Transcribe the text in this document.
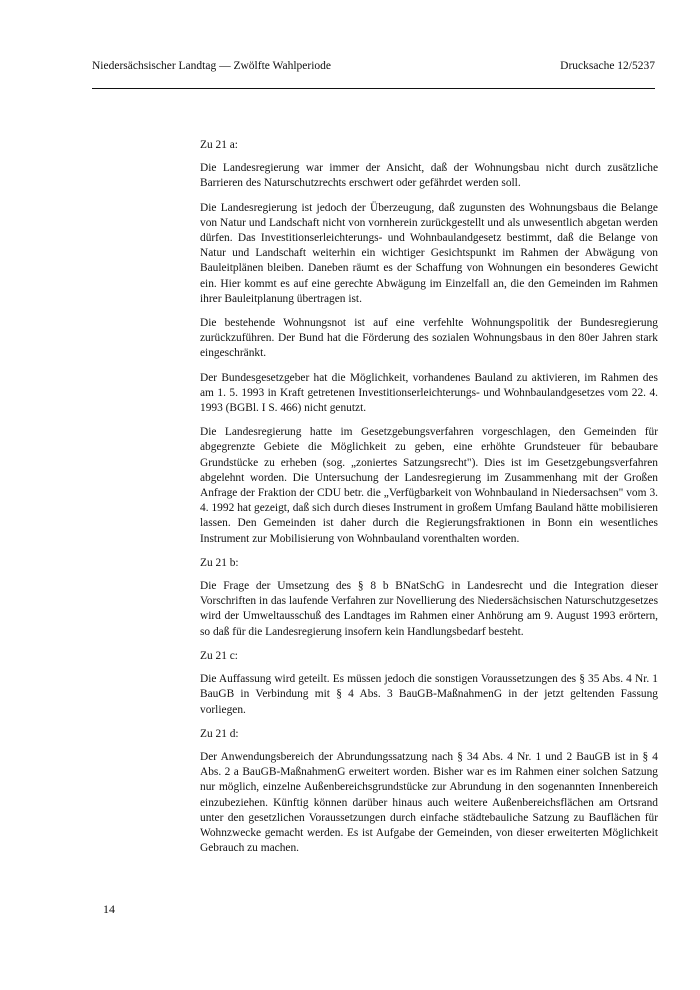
Niedersächsischer Landtag — Zwölfte Wahlperiode	Drucksache 12/5237

Zu 21 a:

Die Landesregierung war immer der Ansicht, daß der Wohnungsbau nicht durch zusätzliche Barrieren des Naturschutzrechts erschwert oder gefährdet werden soll.

Die Landesregierung ist jedoch der Überzeugung, daß zugunsten des Wohnungsbaus die Belange von Natur und Landschaft nicht von vornherein zurückgestellt und als unwesentlich abgetan werden dürfen. Das Investitionserleichterungs- und Wohnbaulandgesetz bestimmt, daß die Belange von Natur und Landschaft weiterhin ein wichtiger Gesichtspunkt im Rahmen der Abwägung von Bauleitplänen bleiben. Daneben räumt es der Schaffung von Wohnungen ein besonderes Gewicht ein. Hier kommt es auf eine gerechte Abwägung im Einzelfall an, die den Gemeinden im Rahmen ihrer Bauleitplanung übertragen ist.

Die bestehende Wohnungsnot ist auf eine verfehlte Wohnungspolitik der Bundesregierung zurückzuführen. Der Bund hat die Förderung des sozialen Wohnungsbaus in den 80er Jahren stark eingeschränkt.

Der Bundesgesetzgeber hat die Möglichkeit, vorhandenes Bauland zu aktivieren, im Rahmen des am 1. 5. 1993 in Kraft getretenen Investitionserleichterungs- und Wohnbaulandgesetzes vom 22. 4. 1993 (BGBl. I S. 466) nicht genutzt.

Die Landesregierung hatte im Gesetzgebungsverfahren vorgeschlagen, den Gemeinden für abgegrenzte Gebiete die Möglichkeit zu geben, eine erhöhte Grundsteuer für bebaubare Grundstücke zu erheben (sog. „zoniertes Satzungsrecht"). Dies ist im Gesetzgebungsverfahren abgelehnt worden. Die Untersuchung der Landesregierung im Zusammenhang mit der Großen Anfrage der Fraktion der CDU betr. die „Verfügbarkeit von Wohnbauland in Niedersachsen" vom 3. 4. 1992 hat gezeigt, daß sich durch dieses Instrument in großem Umfang Bauland hätte mobilisieren lassen. Den Gemeinden ist daher durch die Regierungsfraktionen in Bonn ein wesentliches Instrument zur Mobilisierung von Wohnbauland vorenthalten worden.

Zu 21 b:

Die Frage der Umsetzung des § 8 b BNatSchG in Landesrecht und die Integration dieser Vorschriften in das laufende Verfahren zur Novellierung des Niedersächsischen Naturschutzgesetzes wird der Umweltausschuß des Landtages im Rahmen einer Anhörung am 9. August 1993 erörtern, so daß für die Landesregierung insofern kein Handlungsbedarf besteht.

Zu 21 c:

Die Auffassung wird geteilt. Es müssen jedoch die sonstigen Voraussetzungen des § 35 Abs. 4 Nr. 1 BauGB in Verbindung mit § 4 Abs. 3 BauGB-MaßnahmenG in der jetzt geltenden Fassung vorliegen.

Zu 21 d:

Der Anwendungsbereich der Abrundungssatzung nach § 34 Abs. 4 Nr. 1 und 2 BauGB ist in § 4 Abs. 2 a BauGB-MaßnahmenG erweitert worden. Bisher war es im Rahmen einer solchen Satzung nur möglich, einzelne Außenbereichsgrundstücke zur Abrundung in den sogenannten Innenbereich einzubeziehen. Künftig können darüber hinaus auch weitere Außenbereichsflächen am Ortsrand unter den gesetzlichen Voraussetzungen durch einfache städtebauliche Satzung zu Bauflächen für Wohnzwecke gemacht werden. Es ist Aufgabe der Gemeinden, von dieser erweiterten Möglichkeit Gebrauch zu machen.

14
